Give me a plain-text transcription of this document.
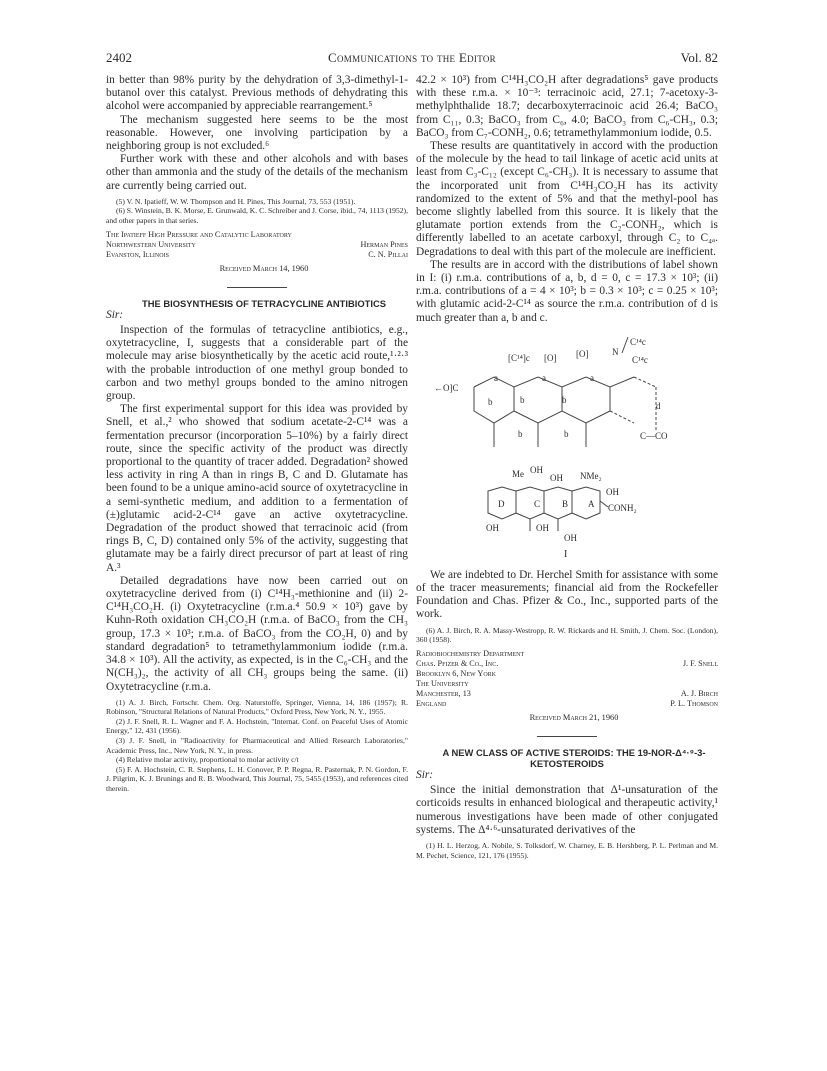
2402	Communications to the Editor	Vol. 82

in better than 98% purity by the dehydration of 3,3-dimethyl-1-butanol over this catalyst. Previous methods of dehydrating this alcohol were accompanied by appreciable rearrangement.⁵

The mechanism suggested here seems to be the most reasonable. However, one involving participation by a neighboring group is not excluded.⁶

Further work with these and other alcohols and with bases other than ammonia and the study of the details of the mechanism are currently being carried out.

(5) V. N. Ipatieff, W. W. Thompson and H. Pines, This Journal, 73, 553 (1951).

(6) S. Winstein, B. K. Morse, E. Grunwald, K. C. Schreiber and J. Corse, ibid., 74, 1113 (1952), and other papers in that series.

The Ipatieff High Pressure and Catalytic Laboratory
Northwestern University	Herman Pines
Evanston, Illinois	C. N. Pillai

Received March 14, 1960

THE BIOSYNTHESIS OF TETRACYCLINE ANTIBIOTICS

Sir:

Inspection of the formulas of tetracycline antibiotics, e.g., oxytetracycline, I, suggests that a considerable part of the molecule may arise biosynthetically by the acetic acid route,¹·²·³ with the probable introduction of one methyl group bonded to carbon and two methyl groups bonded to the amino nitrogen group.

The first experimental support for this idea was provided by Snell, et al.,² who showed that sodium acetate-2-C¹⁴ was a fermentation precursor (incorporation 5–10%) by a fairly direct route, since the specific activity of the product was directly proportional to the quantity of tracer added. Degradation² showed less activity in ring A than in rings B, C and D. Glutamate has been found to be a unique amino-acid source of oxytetracycline in a semi-synthetic medium, and addition to a fermentation of (±)glutamic acid-2-C¹⁴ gave an active oxytetracycline. Degradation of the product showed that terracinoic acid (from rings B, C, D) contained only 5% of the activity, suggesting that glutamate may be a fairly direct precursor of part at least of ring A.³

Detailed degradations have now been carried out on oxytetracycline derived from (i) C¹⁴H₃-methionine and (ii) 2-C¹⁴H₃CO₂H. (i) Oxytetracycline (r.m.a.⁴ 50.9 × 10³) gave by Kuhn-Roth oxidation CH₃CO₂H (r.m.a. of BaCO₃ from the CH₃ group, 17.3 × 10³; r.m.a. of BaCO₃ from the CO₂H, 0) and by standard degradation⁵ to tetramethylammonium iodide (r.m.a. 34.8 × 10³). All the activity, as expected, is in the C₆-CH₃ and the N(CH₃)₂, the activity of all CH₃ groups being the same. (ii) Oxytetracycline (r.m.a.

(1) A. J. Birch, Fortschr. Chem. Org. Naturstoffe, Springer, Vienna, 14, 186 (1957); R. Robinson, "Structural Relations of Natural Products," Oxford Press, New York, N. Y., 1955.

(2) J. F. Snell, R. L. Wagner and F. A. Hochstein, "Internat. Conf. on Peaceful Uses of Atomic Energy," 12, 431 (1956).

(3) J. F. Snell, in "Radioactivity for Pharmaceutical and Allied Research Laboratories," Academic Press, Inc., New York, N. Y., in press.

(4) Relative molar activity, proportional to molar activity c/t

(5) F. A. Hochstein, C. R. Stephens, L. H. Conover, P. P. Regna, R. Pasternak, P. N. Gordon, F. J. Pilgrim, K. J. Brunings and R. B. Woodward, This Journal, 75, 5455 (1953), and references cited therein.

42.2 × 10³) from C¹⁴H₃CO₂H after degradations⁵ gave products with these r.m.a. × 10⁻³: terracinoic acid, 27.1; 7-acetoxy-3-methylphthalide 18.7; decarboxyterracinoic acid 26.4; BaCO₃ from C₁₁, 0.3; BaCO₃ from C₆, 4.0; BaCO₃ from C₆-CH₃, 0.3; BaCO₃ from C₇-CONH₂, 0.6; tetramethylammonium iodide, 0.5.

These results are quantitatively in accord with the production of the molecule by the head to tail linkage of acetic acid units at least from C₃-C₁₂ (except C₆-CH₃). It is necessary to assume that the incorporated unit from C¹⁴H₃CO₂H has its activity randomized to the extent of 5% and that the methyl-pool has become slightly labelled from this source. It is likely that the glutamate portion extends from the C₂-CONH₂, which is differently labelled to an acetate carboxyl, through C₂ to C₄ₐ. Degradations to deal with this part of the molecule are inefficient.

The results are in accord with the distributions of label shown in I: (i) r.m.a. contributions of a, b, d = 0, c = 17.3 × 10³; (ii) r.m.a. contributions of a = 4 × 10³; b = 0.3 × 10³; c = 0.25 × 10³; with glutamic acid-2-C¹⁴ as source the r.m.a. contribution of d is much greater than a, b and c.

C¹⁴c
[C¹⁴]c [O] [O]	N
C¹⁴c
←O]C
a	a	a
b	b	b
b	b
d
C—CO
Me OH
OH NMe₂
OH
CONH₂
OH	OH
OH
D	C B A
I

We are indebted to Dr. Herchel Smith for assistance with some of the tracer measurements; financial aid from the Rockefeller Foundation and Chas. Pfizer & Co., Inc., supported parts of the work.

(6) A. J. Birch, R. A. Massy-Westropp, R. W. Rickards and H. Smith, J. Chem. Soc. (London), 360 (1958).

Radiobiochemistry Department
Chas. Pfizer & Co., Inc.	J. F. Snell
Brooklyn 6, New York
The University
Manchester, 13	A. J. Birch
England	P. L. Thomson

Received March 21, 1960

A NEW CLASS OF ACTIVE STEROIDS: THE 19-NOR-Δ⁴·⁹-3-KETOSTEROIDS

Sir:

Since the initial demonstration that Δ¹-unsaturation of the corticoids results in enhanced biological and therapeutic activity,¹ numerous investigations have been made of other conjugated systems. The Δ⁴·⁶-unsaturated derivatives of the

(1) H. L. Herzog, A. Nobile, S. Tolksdorf, W. Charney, E. B. Hershberg, P. L. Perlman and M. M. Pechet, Science, 121, 176 (1955).
